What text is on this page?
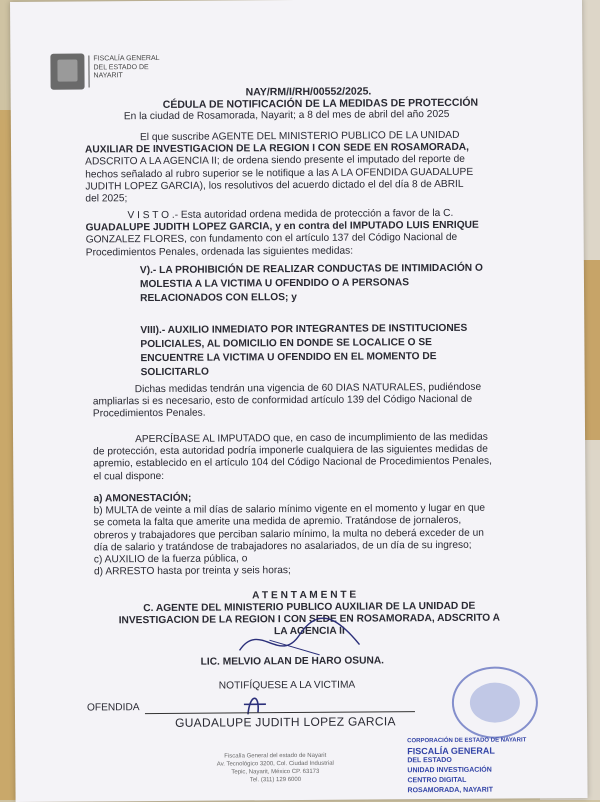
FISCALÍA GENERAL
DEL ESTADO DE
NAYARIT
NAY/RM/I/RH/00552/2025.
CÉDULA DE NOTIFICACIÓN DE LA MEDIDAS DE PROTECCIÓN
En la ciudad de Rosamorada, Nayarit; a 8 del mes de abril del año 2025
El que suscribe AGENTE DEL MINISTERIO PUBLICO DE LA UNIDAD
AUXILIAR DE INVESTIGACION DE LA REGION I CON SEDE EN ROSAMORADA,
ADSCRITO A LA AGENCIA II; de ordena siendo presente el imputado del reporte de
hechos señalado al rubro superior se le notifique a las A LA OFENDIDA GUADALUPE
JUDITH LOPEZ GARCIA), los resolutivos del acuerdo dictado el del día 8 de ABRIL
del 2025;
V I S T O .- Esta autoridad ordena medida de protección a favor de la C.
GUADALUPE JUDITH LOPEZ GARCIA, y en contra del IMPUTADO LUIS ENRIQUE
GONZALEZ FLORES, con fundamento con el artículo 137 del Código Nacional de
Procedimientos Penales, ordenada las siguientes medidas:
V).- LA PROHIBICIÓN DE REALIZAR CONDUCTAS DE INTIMIDACIÓN O
MOLESTIA A LA VICTIMA U OFENDIDO O A PERSONAS
RELACIONADOS CON ELLOS; y
VIII).- AUXILIO INMEDIATO POR INTEGRANTES DE INSTITUCIONES
POLICIALES, AL DOMICILIO EN DONDE SE LOCALICE O SE
ENCUENTRE LA VICTIMA U OFENDIDO EN EL MOMENTO DE
SOLICITARLO
Dichas medidas tendrán una vigencia de 60 DIAS NATURALES, pudiéndose
ampliarlas si es necesario, esto de conformidad artículo 139 del Código Nacional de
Procedimientos Penales.
APERCÍBASE AL IMPUTADO que, en caso de incumplimiento de las medidas
de protección, esta autoridad podría imponerle cualquiera de las siguientes medidas de
apremio, establecido en el artículo 104 del Código Nacional de Procedimientos Penales,
el cual dispone:
a) AMONESTACIÓN;
b) MULTA de veinte a mil días de salario mínimo vigente en el momento y lugar en que
se cometa la falta que amerite una medida de apremio. Tratándose de jornaleros,
obreros y trabajadores que perciban salario mínimo, la multa no deberá exceder de un
día de salario y tratándose de trabajadores no asalariados, de un día de su ingreso;
c) AUXILIO de la fuerza pública, o
d) ARRESTO hasta por treinta y seis horas;
A T E N T A M E N T E
C. AGENTE DEL MINISTERIO PUBLICO AUXILIAR DE LA UNIDAD DE
INVESTIGACION DE LA REGION I CON SEDE EN ROSAMORADA, ADSCRITO A
LA AGENCIA II
LIC. MELVIO ALAN DE HARO OSUNA.
NOTIFÍQUESE A LA VICTIMA
OFENDIDA
GUADALUPE JUDITH LOPEZ GARCIA
CORPORACIÓN DE ESTADO DE NAYARIT
FISCALÍA GENERAL
DEL ESTADO
UNIDAD INVESTIGACIÓN
CENTRO DIGITAL
ROSAMORADA, NAYARIT
Fiscalía General del estado de Nayarit
Av. Tecnológico 3200, Col. Ciudad Industrial
Tepic, Nayarit, México CP. 63173
Tel. (311) 129 6000
